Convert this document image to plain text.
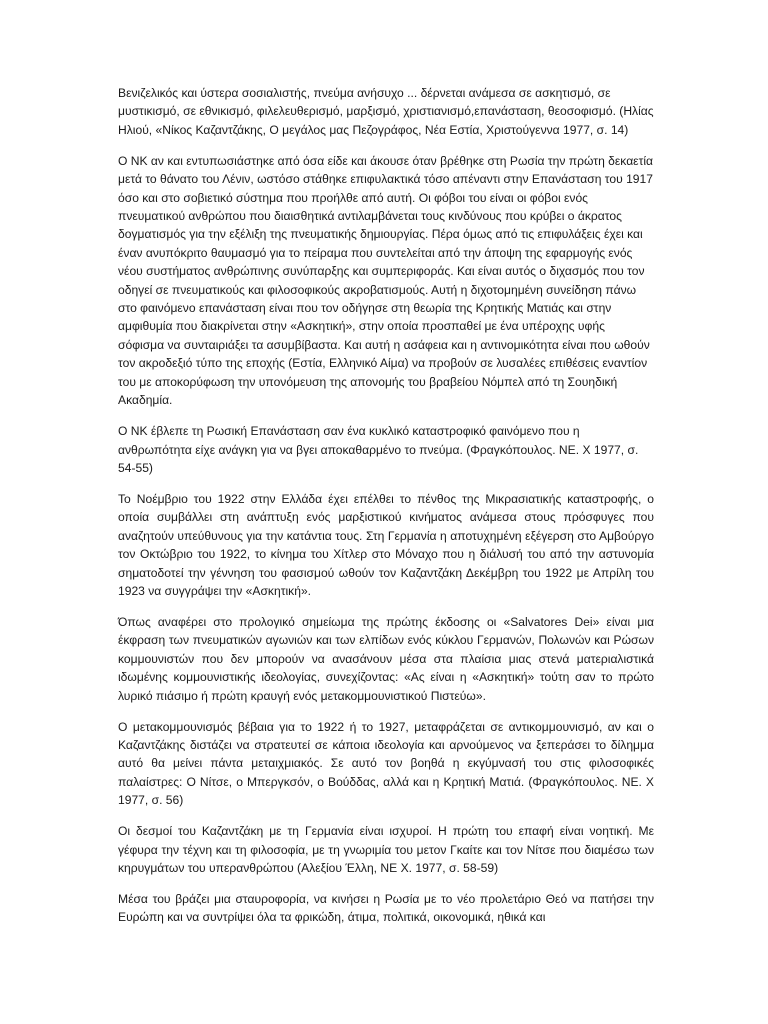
Βενιζελικός και ύστερα σοσιαλιστής, πνεύμα ανήσυχο ... δέρνεται ανάμεσα σε ασκητισμό, σε μυστικισμό, σε εθνικισμό, φιλελευθερισμό, μαρξισμό, χριστιανισμό,επανάσταση, θεοσοφισμό. (Ηλίας Ηλιού, «Νίκος Καζαντζάκης, Ο μεγάλος μας Πεζογράφος, Νέα Εστία, Χριστούγεννα 1977, σ. 14)

Ο ΝΚ αν και εντυπωσιάστηκε από όσα είδε και άκουσε όταν βρέθηκε στη Ρωσία την πρώτη δεκαετία μετά το θάνατο του Λένιν, ωστόσο στάθηκε επιφυλακτικά τόσο απέναντι στην Επανάσταση του 1917 όσο και στο σοβιετικό σύστημα που προήλθε από αυτή. Οι φόβοι του είναι οι φόβοι ενός πνευματικού ανθρώπου που διαισθητικά αντιλαμβάνεται τους κινδύνους που κρύβει ο άκρατος δογματισμός για την εξέλιξη της πνευματικής δημιουργίας. Πέρα όμως από τις επιφυλάξεις έχει και έναν ανυπόκριτο θαυμασμό για το πείραμα που συντελείται από την άποψη της εφαρμογής ενός νέου συστήματος ανθρώπινης συνύπαρξης και συμπεριφοράς. Και είναι αυτός ο διχασμός που τον οδηγεί σε πνευματικούς και φιλοσοφικούς ακροβατισμούς. Αυτή η διχοτομημένη συνείδηση πάνω στο φαινόμενο επανάσταση είναι που τον οδήγησε στη θεωρία της Κρητικής Ματιάς και στην αμφιθυμία που διακρίνεται στην «Ασκητική», στην οποία προσπαθεί με ένα υπέροχης υφής σόφισμα να συνταιριάξει τα ασυμβίβαστα. Και αυτή η ασάφεια και η αντινομικότητα είναι που ωθούν τον ακροδεξιό τύπο της εποχής (Εστία, Ελληνικό Αίμα) να προβούν σε λυσαλέες επιθέσεις εναντίον του με αποκορύφωση την υπονόμευση της απονομής του βραβείου Νόμπελ από τη Σουηδική Ακαδημία.

Ο ΝΚ έβλεπε τη Ρωσική Επανάσταση σαν ένα κυκλικό καταστροφικό φαινόμενο που η ανθρωπότητα είχε ανάγκη για να βγει αποκαθαρμένο το πνεύμα. (Φραγκόπουλος. ΝΕ. Χ 1977, σ. 54-55)

Το Νοέμβριο του 1922 στην Ελλάδα έχει επέλθει το πένθος της Μικρασιατικής καταστροφής, ο οποία συμβάλλει στη ανάπτυξη ενός μαρξιστικού κινήματος ανάμεσα στους πρόσφυγες που αναζητούν υπεύθυνους για την κατάντια τους. Στη Γερμανία η αποτυχημένη εξέγερση στο Αμβούργο τον Οκτώβριο του 1922, το κίνημα του Χίτλερ στο Μόναχο που η διάλυσή του από την αστυνομία σηματοδοτεί την γέννηση του φασισμού ωθούν τον Καζαντζάκη Δεκέμβρη του 1922 με Απρίλη του 1923 να συγγράψει την «Ασκητική».

Όπως αναφέρει στο προλογικό σημείωμα της πρώτης έκδοσης οι «Salvatores Dei» είναι μια έκφραση των πνευματικών αγωνιών και των ελπίδων ενός κύκλου Γερμανών, Πολωνών και Ρώσων κομμουνιστών που δεν μπορούν να ανασάνουν μέσα στα πλαίσια μιας στενά ματεριαλιστικά ιδωμένης κομμουνιστικής ιδεολογίας, συνεχίζοντας: «Ας είναι η «Ασκητική» τούτη σαν το πρώτο λυρικό πιάσιμο ή πρώτη κραυγή ενός μετακομμουνιστικού Πιστεύω».

Ο μετακομμουνισμός βέβαια για το 1922 ή το 1927, μεταφράζεται σε αντικομμουνισμό, αν και ο Καζαντζάκης διστάζει να στρατευτεί σε κάποια ιδεολογία και αρνούμενος να ξεπεράσει το δίλημμα αυτό θα μείνει πάντα μεταιχμιακός. Σε αυτό τον βοηθά η εκγύμνασή του στις φιλοσοφικές παλαίστρες: Ο Νίτσε, ο Μπεργκσόν, ο Βούδδας, αλλά και η Κρητική Ματιά. (Φραγκόπουλος. ΝΕ. Χ 1977, σ. 56)

Οι δεσμοί του Καζαντζάκη με τη Γερμανία είναι ισχυροί. Η πρώτη του επαφή είναι νοητική. Με γέφυρα την τέχνη και τη φιλοσοφία, με τη γνωριμία του μετον Γκαίτε και τον Νίτσε που διαμέσω των κηρυγμάτων του υπερανθρώπου (Αλεξίου Έλλη, ΝΕ Χ. 1977, σ. 58-59)

Μέσα του βράζει μια σταυροφορία, να κινήσει η Ρωσία με το νέο προλετάριο Θεό να πατήσει την Ευρώπη και να συντρίψει όλα τα φρικώδη, άτιμα, πολιτικά, οικονομικά, ηθικά και
